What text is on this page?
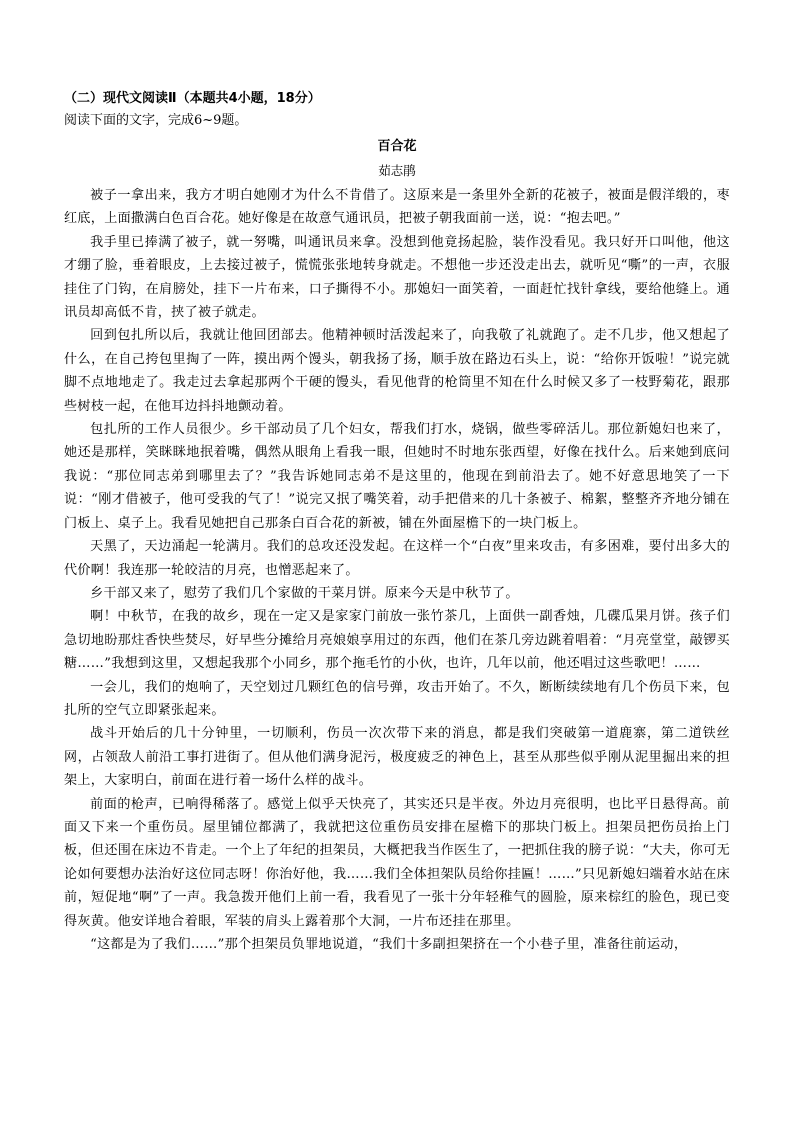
（二）现代文阅读Ⅱ（本题共4小题，18分）

阅读下面的文字，完成6~9题。

百合花

茹志鹃

被子一拿出来，我方才明白她刚才为什么不肯借了。这原来是一条里外全新的花被子，被面是假洋缎的，枣红底，上面撒满白色百合花。她好像是在故意气通讯员，把被子朝我面前一送，说：“抱去吧。”

我手里已捧满了被子，就一努嘴，叫通讯员来拿。没想到他竟扬起脸，装作没看见。我只好开口叫他，他这才绷了脸，垂着眼皮，上去接过被子，慌慌张张地转身就走。不想他一步还没走出去，就听见“嘶”的一声，衣服挂住了门钩，在肩膀处，挂下一片布来，口子撕得不小。那媳妇一面笑着，一面赶忙找针拿线，要给他缝上。通讯员却高低不肯，挟了被子就走。

回到包扎所以后，我就让他回团部去。他精神顿时活泼起来了，向我敬了礼就跑了。走不几步，他又想起了什么，在自己挎包里掏了一阵，摸出两个馒头，朝我扬了扬，顺手放在路边石头上，说：“给你开饭啦！”说完就脚不点地地走了。我走过去拿起那两个干硬的馒头，看见他背的枪筒里不知在什么时候又多了一枝野菊花，跟那些树枝一起，在他耳边抖抖地颤动着。

包扎所的工作人员很少。乡干部动员了几个妇女，帮我们打水，烧锅，做些零碎活儿。那位新媳妇也来了，她还是那样，笑眯眯地抿着嘴，偶然从眼角上看我一眼，但她时不时地东张西望，好像在找什么。后来她到底问我说：“那位同志弟到哪里去了？”我告诉她同志弟不是这里的，他现在到前沿去了。她不好意思地笑了一下说：“刚才借被子，他可受我的气了！”说完又抿了嘴笑着，动手把借来的几十条被子、棉絮，整整齐齐地分铺在门板上、桌子上。我看见她把自己那条白百合花的新被，铺在外面屋檐下的一块门板上。

天黑了，天边涌起一轮满月。我们的总攻还没发起。在这样一个“白夜”里来攻击，有多困难，要付出多大的代价啊！我连那一轮皎洁的月亮，也憎恶起来了。

乡干部又来了，慰劳了我们几个家做的干菜月饼。原来今天是中秋节了。

啊！中秋节，在我的故乡，现在一定又是家家门前放一张竹茶几，上面供一副香烛，几碟瓜果月饼。孩子们急切地盼那炷香快些焚尽，好早些分摊给月亮娘娘享用过的东西，他们在茶几旁边跳着唱着：“月亮堂堂，敲锣买糖……”我想到这里，又想起我那个小同乡，那个拖毛竹的小伙，也许，几年以前，他还唱过这些歌吧！……

一会儿，我们的炮响了，天空划过几颗红色的信号弹，攻击开始了。不久，断断续续地有几个伤员下来，包扎所的空气立即紧张起来。

战斗开始后的几十分钟里，一切顺利，伤员一次次带下来的消息，都是我们突破第一道鹿寨，第二道铁丝网，占领敌人前沿工事打进街了。但从他们满身泥污，极度疲乏的神色上，甚至从那些似乎刚从泥里掘出来的担架上，大家明白，前面在进行着一场什么样的战斗。

前面的枪声，已响得稀落了。感觉上似乎天快亮了，其实还只是半夜。外边月亮很明，也比平日悬得高。前面又下来一个重伤员。屋里铺位都满了，我就把这位重伤员安排在屋檐下的那块门板上。担架员把伤员抬上门板，但还围在床边不肯走。一个上了年纪的担架员，大概把我当作医生了，一把抓住我的膀子说：“大夫，你可无论如何要想办法治好这位同志呀！你治好他，我……我们全体担架队员给你挂匾！……”只见新媳妇端着水站在床前，短促地“啊”了一声。我急拨开他们上前一看，我看见了一张十分年轻稚气的圆脸，原来棕红的脸色，现已变得灰黄。他安详地合着眼，军装的肩头上露着那个大洞，一片布还挂在那里。

“这都是为了我们……”那个担架员负罪地说道，“我们十多副担架挤在一个小巷子里，准备往前运动，
